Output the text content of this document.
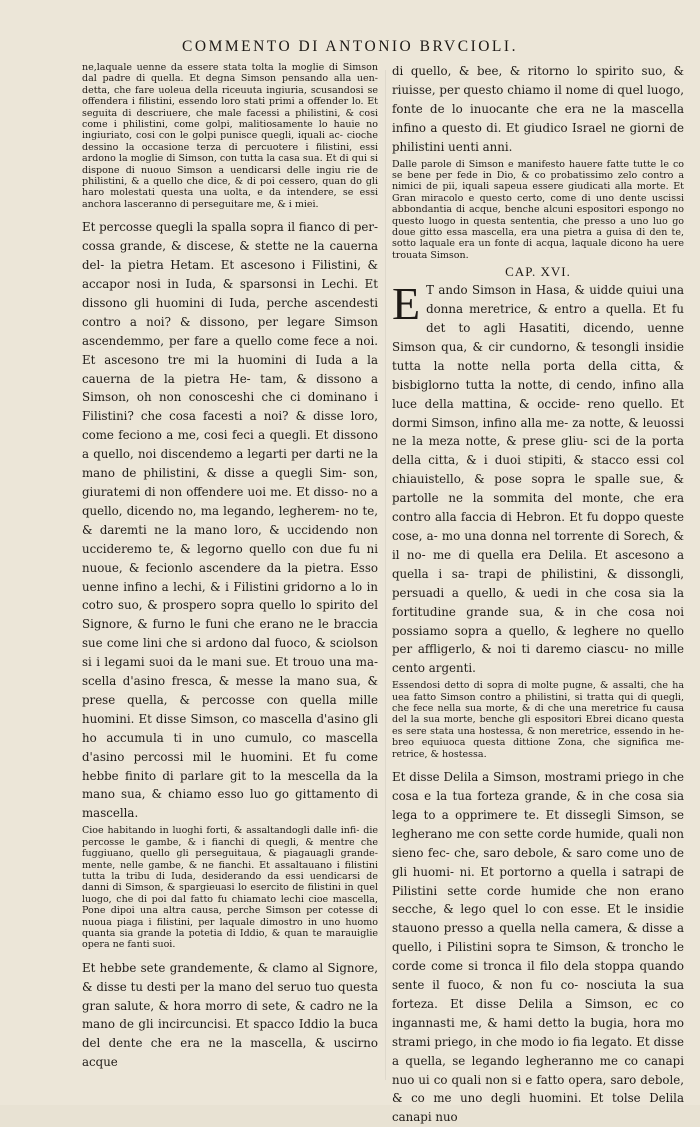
COMMENTO DI ANTONIO BRVCIOLI.

ne,laquale uenne da essere stata tolta la moglie di Simson dal padre di quella. Et degna Simson pensando alla uen- detta, che fare uoleua della riceuuta ingiuria, scusandosi se offendera i filistini, essendo loro stati primi a offender lo. Et seguita di descriuere, che male facessi a philistini, & cosi come i philistini, come golpi, malitiosamente lo hauie no ingiuriato, cosi con le golpi punisce quegli, iquali ac- cioche dessino la occasione terza di percuotere i filistini, essi ardono la moglie di Simson, con tutta la casa sua. Et di qui si dispone di nuouo Simson a uendicarsi delle ingiu rie de philistini, & a quello che dice, & di poi cessero, quan do gli haro molestati questa una uolta, e da intendere, se essi anchora lasceranno di perseguitare me, & i miei.

Et percosse quegli la spalla sopra il fianco di per- cossa grande, & discese, & stette ne la cauerna del- la pietra Hetam. Et ascesono i Filistini, & accapor nosi in Iuda, & sparsonsi in Lechi. Et dissono gli huomini di Iuda, perche ascendesti contro a noi? & dissono, per legare Simson ascendemmo, per fare a quello come fece a noi. Et ascesono tre mi la huomini di Iuda a la cauerna de la pietra He- tam, & dissono a Simson, oh non conosceshi che ci dominano i Filistini? che cosa facesti a noi? & disse loro, come feciono a me, cosi feci a quegli. Et dissono a quello, noi discendemo a legarti per darti ne la mano de philistini, & disse a quegli Sim- son, giuratemi di non offendere uoi me. Et disso- no a quello, dicendo no, ma legando, legherem- no te, & daremti ne la mano loro, & uccidendo non uccideremo te, & legorno quello con due fu ni nuoue, & fecionlo ascendere da la pietra. Esso uenne infino a lechi, & i Filistini gridorno a lo in cotro suo, & prospero sopra quello lo spirito del Signore, & furno le funi che erano ne le braccia sue come lini che si ardono dal fuoco, & sciolson si i legami suoi da le mani sue. Et trouo una ma- scella d'asino fresca, & messe la mano sua, & prese quella, & percosse con quella mille huomini. Et disse Simson, co mascella d'asino gli ho accumula ti in uno cumulo, co mascella d'asino percossi mil le huomini. Et fu come hebbe finito di parlare git to la mescella da la mano sua, & chiamo esso luo go gittamento di mascella.

Cioe habitando in luoghi forti, & assaltandogli dalle infi- die percosse le gambe, & i fianchi di quegli, & mentre che fuggiuano, quello gli perseguitaua, & piagauagli grande- mente, nelle gambe, & ne fianchi. Et assaltauano i filistini tutta la tribu di Iuda, desiderando da essi uendicarsi de danni di Simson, & spargieuasi lo esercito de filistini in quel luogo, che di poi dal fatto fu chiamato lechi cioe mascella, Pone dipoi una altra causa, perche Simson per cotesse di nuoua piaga i filistini, per laquale dimostro in uno huomo quanta sia grande la potetia di Iddio, & quan te marauiglie opera ne fanti suoi.

Et hebbe sete grandemente, & clamo al Signore, & disse tu desti per la mano del seruo tuo questa gran salute, & hora morro di sete, & cadro ne la mano de gli incircuncisi. Et spacco Iddio la buca del dente che era ne la mascella, & uscirno acque

di quello, & bee, & ritorno lo spirito suo, & riuisse, per questo chiamo il nome di quel luogo, fonte de lo inuocante che era ne la mascella infino a questo di. Et giudico Israel ne giorni de philistini uenti anni.

Dalle parole di Simson e manifesto hauere fatte tutte le co se bene per fede in Dio, & co probatissimo zelo contro a nimici de pii, iquali sapeua essere giudicati alla morte. Et Gran miracolo e questo certo, come di uno dente uscissi abbondantia di acque, benche alcuni espositori espongo no questo luogo in questa sententia, che presso a uno luo go doue gitto essa mascella, era una pietra a guisa di den te, sotto laquale era un fonte di acqua, laquale dicono ha uere trouata Simson.

CAP. XVI.

E T ando Simson in Hasa, & uidde quiui una donna meretrice, & entro a quella. Et fu det to agli Hasatiti, dicendo, uenne Simson qua, & cir cundorno, & tesongli insidie tutta la notte nella porta della citta, & bisbiglorno tutta la notte, di cendo, infino alla luce della mattina, & occide- reno quello. Et dormi Simson, infino alla me- za notte, & leuossi ne la meza notte, & prese gliu- sci de la porta della citta, & i duoi stipiti, & stacco essi col chiauistello, & pose sopra le spalle sue, & partolle ne la sommita del monte, che era contro alla faccia di Hebron. Et fu doppo queste cose, a- mo una donna nel torrente di Sorech, & il no- me di quella era Delila. Et ascesono a quella i sa- trapi de philistini, & dissongli, persuadi a quello, & uedi in che cosa sia la fortitudine grande sua, & in che cosa noi possiamo sopra a quello, & leghere no quello per affligerlo, & noi ti daremo ciascu- no mille cento argenti.

Essendosi detto di sopra di molte pugne, & assalti, che ha uea fatto Simson contro a philistini, si tratta qui di quegli, che fece nella sua morte, & di che una meretrice fu causa del la sua morte, benche gli espositori Ebrei dicano questa es sere stata una hostessa, & non meretrice, essendo in he- breo equiuoca questa dittione Zona, che significa me- retrice, & hostessa.

Et disse Delila a Simson, mostrami priego in che cosa e la tua forteza grande, & in che cosa sia lega to a opprimere te. Et dissegli Simson, se legherano me con sette corde humide, quali non sieno fec- che, saro debole, & saro come uno de gli huomi- ni. Et portorno a quella i satrapi de Pilistini sette corde humide che non erano secche, & lego quel lo con esse. Et le insidie stauono presso a quella nella camera, & disse a quello, i Pilistini sopra te Simson, & troncho le corde come si tronca il filo dela stoppa quando sente il fuoco, & non fu co- nosciuta la sua forteza. Et disse Delila a Simson, ec co ingannasti me, & hami detto la bugia, hora mo strami priego, in che modo io fia legato. Et disse a quella, se legando legheranno me co canapi nuo ui co quali non si e fatto opera, saro debole, & co me uno degli huomini. Et tolse Delila canapi nuo
